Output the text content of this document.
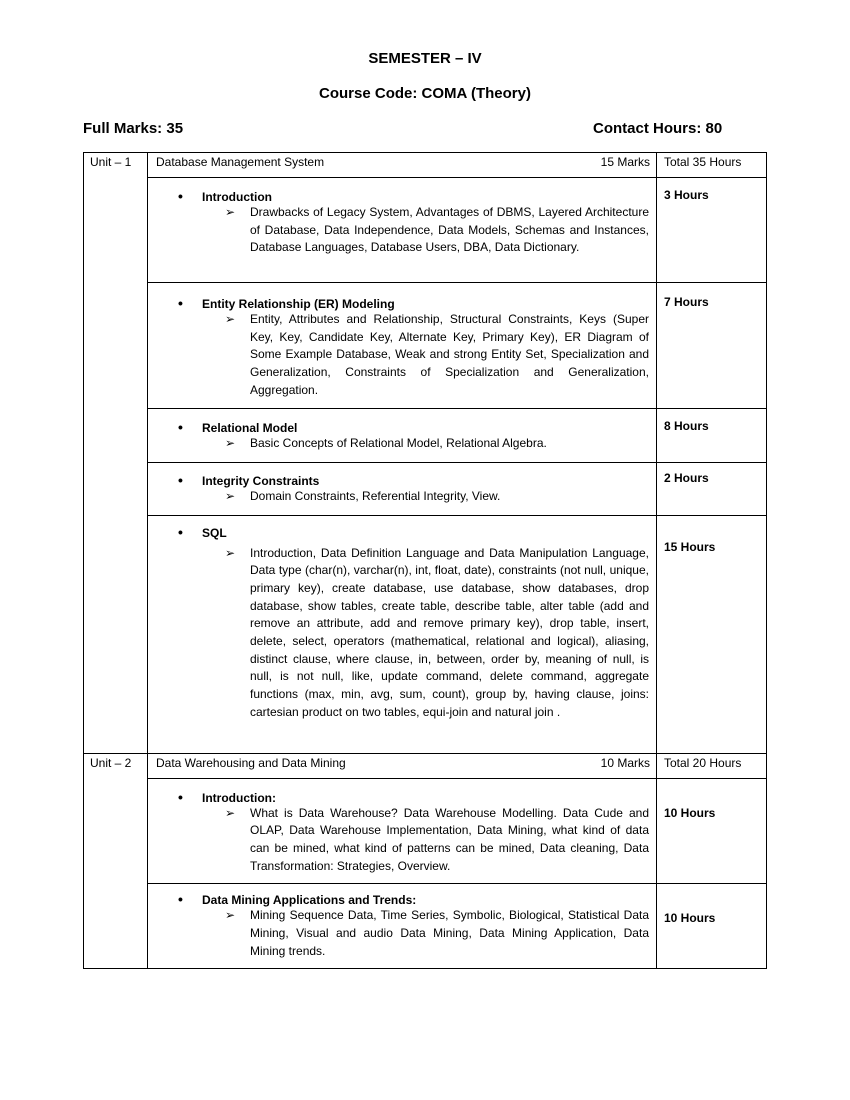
SEMESTER – IV
Course Code: COMA (Theory)
Full Marks: 35	Contact Hours: 80
Unit – 1	Database Management System 15 Marks	Total 35 Hours

	• Introduction
➢ Drawbacks of Legacy System, Advantages of DBMS, Layered Architecture of Database, Data Independence, Data Models, Schemas and Instances, Database Languages, Database Users, DBA, Data Dictionary.	3 Hours

	• Entity Relationship (ER) Modeling
➢ Entity, Attributes and Relationship, Structural Constraints, Keys (Super Key, Key, Candidate Key, Alternate Key, Primary Key), ER Diagram of Some Example Database, Weak and strong Entity Set, Specialization and Generalization, Constraints of Specialization and Generalization, Aggregation.	7 Hours

	• Relational Model
➢ Basic Concepts of Relational Model, Relational Algebra.	8 Hours

	• Integrity Constraints
➢ Domain Constraints, Referential Integrity, View.	2 Hours

	• SQL
➢ Introduction, Data Definition Language and Data Manipulation Language, Data type (char(n), varchar(n), int, float, date), constraints (not null, unique, primary key), create database, use database, show databases, drop database, show tables, create table, describe table, alter table (add and remove an attribute, add and remove primary key), drop table, insert, delete, select, operators (mathematical, relational and logical), aliasing, distinct clause, where clause, in, between, order by, meaning of null, is null, is not null, like, update command, delete command, aggregate functions (max, min, avg, sum, count), group by, having clause, joins: cartesian product on two tables, equi-join and natural join .	15 Hours

Unit – 2	Data Warehousing and Data Mining 10 Marks	Total 20 Hours

	• Introduction:
➢ What is Data Warehouse? Data Warehouse Modelling. Data Cude and OLAP, Data Warehouse Implementation, Data Mining, what kind of data can be mined, what kind of patterns can be mined, Data cleaning, Data Transformation: Strategies, Overview.	10 Hours

	• Data Mining Applications and Trends:
➢ Mining Sequence Data, Time Series, Symbolic, Biological, Statistical Data Mining, Visual and audio Data Mining, Data Mining Application, Data Mining trends.	10 Hours
